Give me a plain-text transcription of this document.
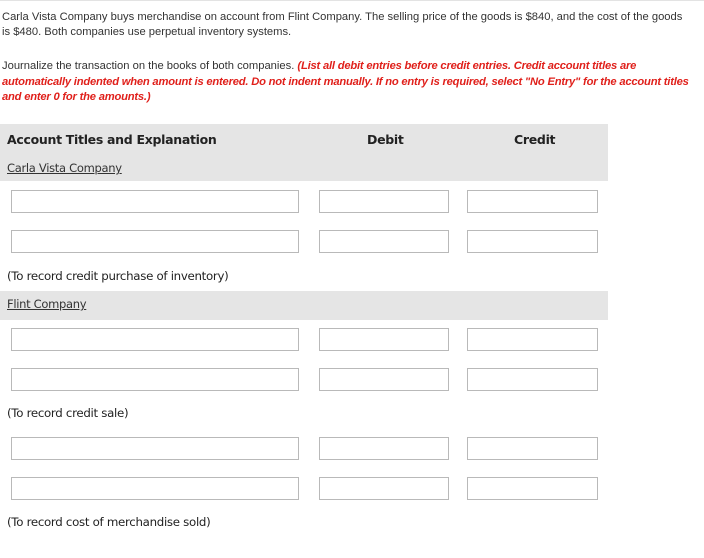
Carla Vista Company buys merchandise on account from Flint Company. The selling price of the goods is $840, and the cost of the goods is $480. Both companies use perpetual inventory systems.
Journalize the transaction on the books of both companies. (List all debit entries before credit entries. Credit account titles are automatically indented when amount is entered. Do not indent manually. If no entry is required, select "No Entry" for the account titles and enter 0 for the amounts.)
Account Titles and Explanation	Debit	Credit
Carla Vista Company
(To record credit purchase of inventory)
Flint Company
(To record credit sale)
(To record cost of merchandise sold)
